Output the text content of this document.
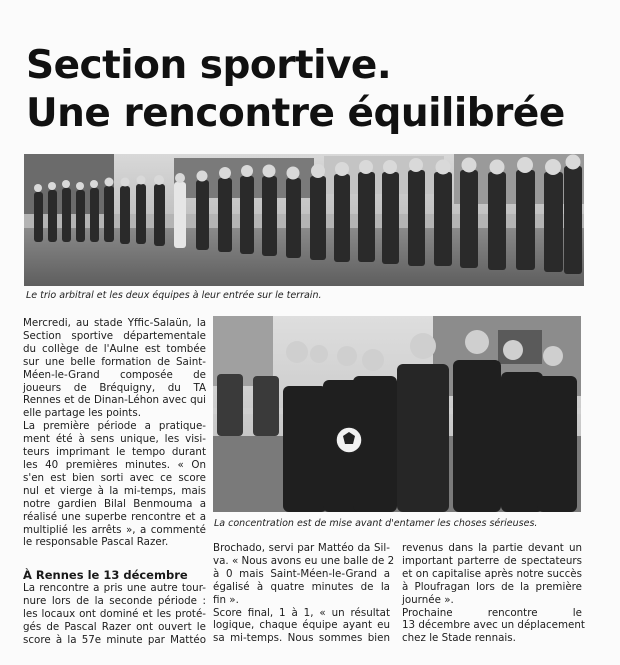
Section sportive.
Une rencontre équilibrée
Le trio arbitral et les deux équipes à leur entrée sur le terrain.
Mercredi, au stade Yffic-Salaün, la
Section sportive départementale
du collège de l'Aulne est tombée
sur une belle formation de Saint-
Méen-le-Grand composée de
joueurs de Bréquigny, du TA
Rennes et de Dinan-Léhon avec qui
elle partage les points.
La première période a pratique-
ment été à sens unique, les visi-
teurs imprimant le tempo durant
les 40 premières minutes. « On
s'en est bien sorti avec ce score
nul et vierge à la mi-temps, mais
notre gardien Bilal Benmouma a
réalisé une superbe rencontre et a
multiplié les arrêts », a commenté
le responsable Pascal Razer.
À Rennes le 13 décembre
La rencontre a pris une autre tour-
nure lors de la seconde période :
les locaux ont dominé et les proté-
gés de Pascal Razer ont ouvert le
score à la 57e minute par Mattéo
La concentration est de mise avant d'entamer les choses sérieuses.
Brochado, servi par Mattéo da Sil-
va. « Nous avons eu une balle de 2
à 0 mais Saint-Méen-le-Grand a
égalisé à quatre minutes de la
fin ».
Score final, 1 à 1, « un résultat
logique, chaque équipe ayant eu
sa mi-temps. Nous sommes bien
revenus dans la partie devant un
important parterre de spectateurs
et on capitalise après notre succès
à Ploufragan lors de la première
journée ».
Prochaine rencontre le
13 décembre avec un déplacement
chez le Stade rennais.
